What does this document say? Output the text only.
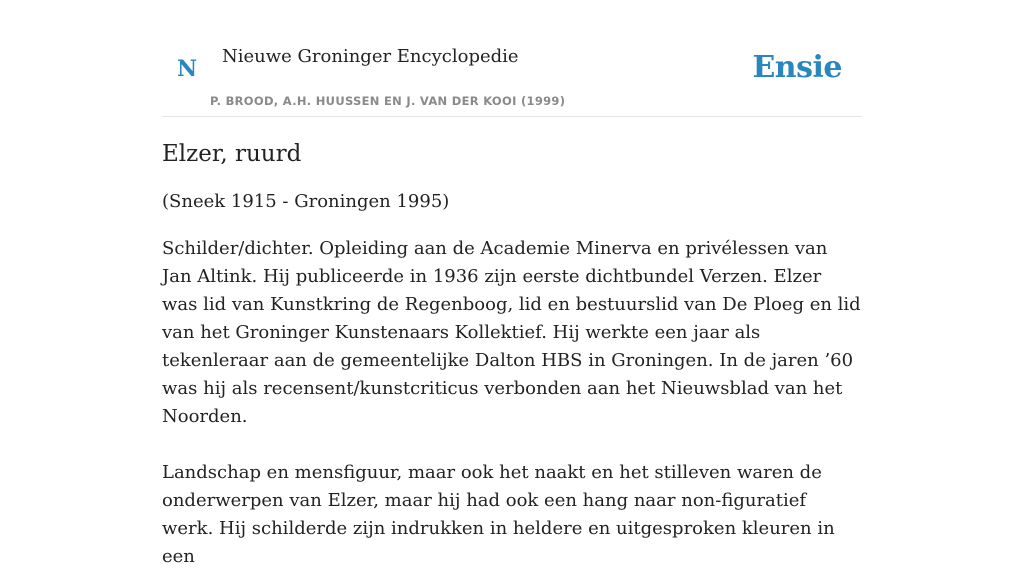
N Nieuwe Groninger Encyclopedie
P. BROOD, A.H. HUUSSEN EN J. VAN DER KOOI (1999)
Ensie
Elzer, ruurd
(Sneek 1915 - Groningen 1995)

Schilder/dichter. Opleiding aan de Academie Minerva en privélessen van Jan Altink. Hij publiceerde in 1936 zijn eerste dichtbundel Verzen. Elzer was lid van Kunstkring de Regenboog, lid en bestuurslid van De Ploeg en lid van het Groninger Kunstenaars Kollektief. Hij werkte een jaar als tekenleraar aan de gemeentelijke Dalton HBS in Groningen. In de jaren ’60 was hij als recensent/kunstcriticus verbonden aan het Nieuwsblad van het Noorden.

Landschap en mensfiguur, maar ook het naakt en het stilleven waren de onderwerpen van Elzer, maar hij had ook een hang naar non-figuratief werk. Hij schilderde zijn indrukken in heldere en uitgesproken kleuren in een
